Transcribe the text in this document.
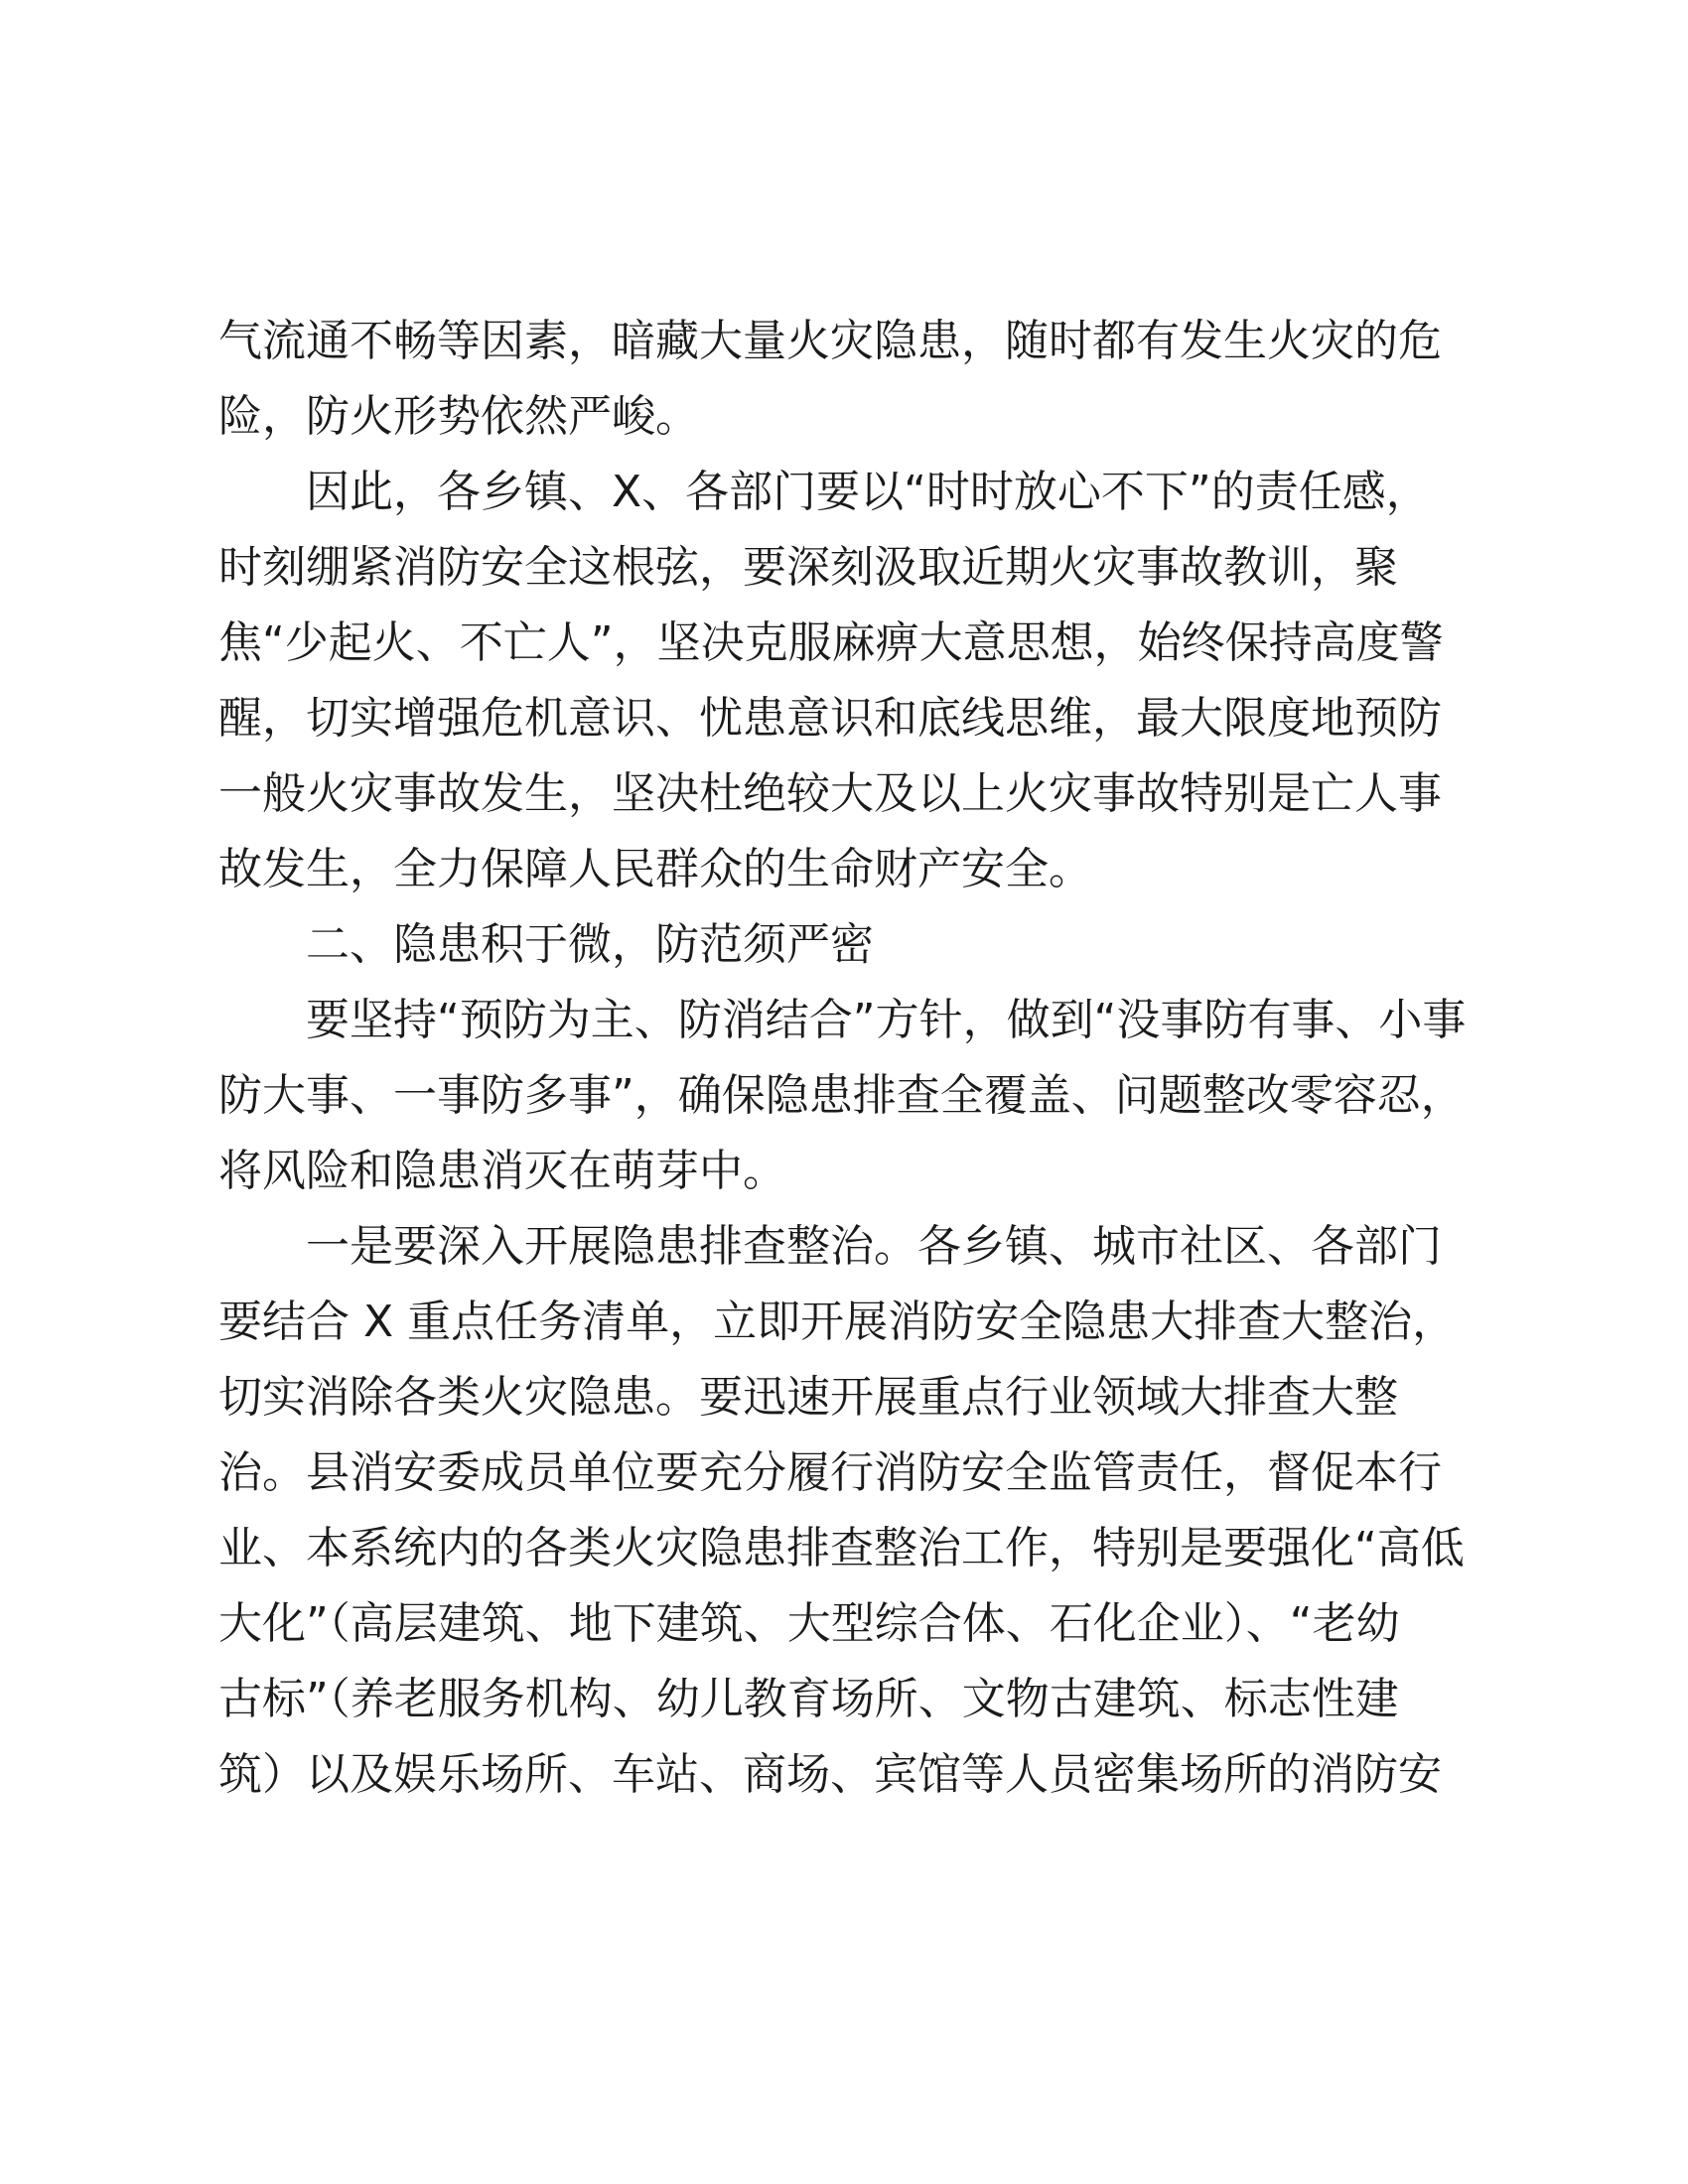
气流通不畅等因素，暗藏大量火灾隐患，随时都有发生火灾的危
险，防火形势依然严峻。
因此，各乡镇、X、各部门要以“时时放心不下”的责任感，
时刻绷紧消防安全这根弦，要深刻汲取近期火灾事故教训，聚
焦“少起火、不亡人”，坚决克服麻痹大意思想，始终保持高度警
醒，切实增强危机意识、忧患意识和底线思维，最大限度地预防
一般火灾事故发生，坚决杜绝较大及以上火灾事故特别是亡人事
故发生，全力保障人民群众的生命财产安全。
二、隐患积于微，防范须严密
要坚持“预防为主、防消结合”方针，做到“没事防有事、小事
防大事、一事防多事”，确保隐患排查全覆盖、问题整改零容忍，
将风险和隐患消灭在萌芽中。
一是要深入开展隐患排查整治。各乡镇、城市社区、各部门
要结合 X 重点任务清单，立即开展消防安全隐患大排查大整治，
切实消除各类火灾隐患。要迅速开展重点行业领域大排查大整
治。县消安委成员单位要充分履行消防安全监管责任，督促本行
业、本系统内的各类火灾隐患排查整治工作，特别是要强化“高低
大化”（高层建筑、地下建筑、大型综合体、石化企业）、“老幼
古标”（养老服务机构、幼儿教育场所、文物古建筑、标志性建
筑）以及娱乐场所、车站、商场、宾馆等人员密集场所的消防安
